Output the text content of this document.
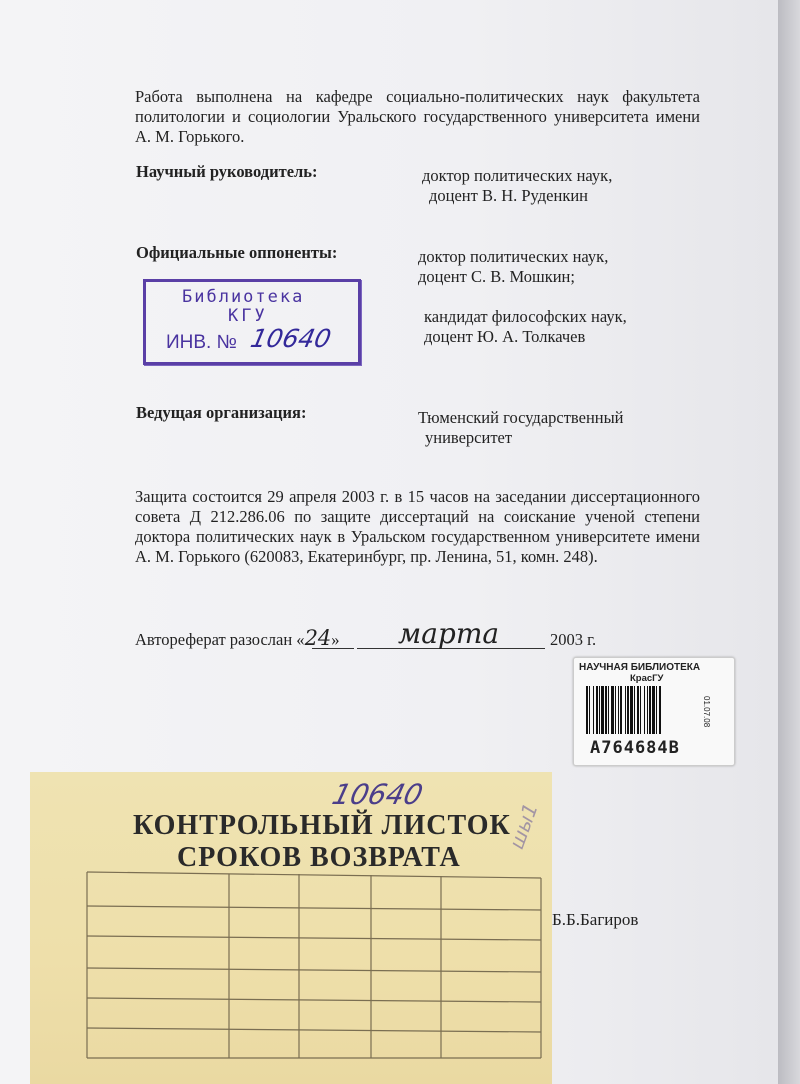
Работа выполнена на кафедре социально-политических наук факультета политологии и социологии Уральского государственного университета имени А. М. Горького.
Научный руководитель:	доктор политических наук,
доцент В. Н. Руденкин
Официальные оппоненты:	доктор политических наук,
доцент С. В. Мошкин;
кандидат философских наук,
доцент Ю. А. Толкачев
Библиотека
КГУ
ИНВ. № 10640
Ведущая организация:	Тюменский государственный
университет
Защита состоится 29 апреля 2003 г. в 15 часов на заседании диссертационного совета Д 212.286.06 по защите диссертаций на соискание ученой степени доктора политических наук в Уральском государственном университете имени А. М. Горького (620083, Екатеринбург, пр. Ленина, 51, комн. 248).
Автореферат разослан «24» марта	2003 г.
НАУЧНАЯ БИБЛИОТЕКА
КрасГУ
A764684B
01.07.08
10640
КОНТРОЛЬНЫЙ ЛИСТОК
СРОКОВ ВОЗВРАТА
шы1
Б.Б.Багиров
